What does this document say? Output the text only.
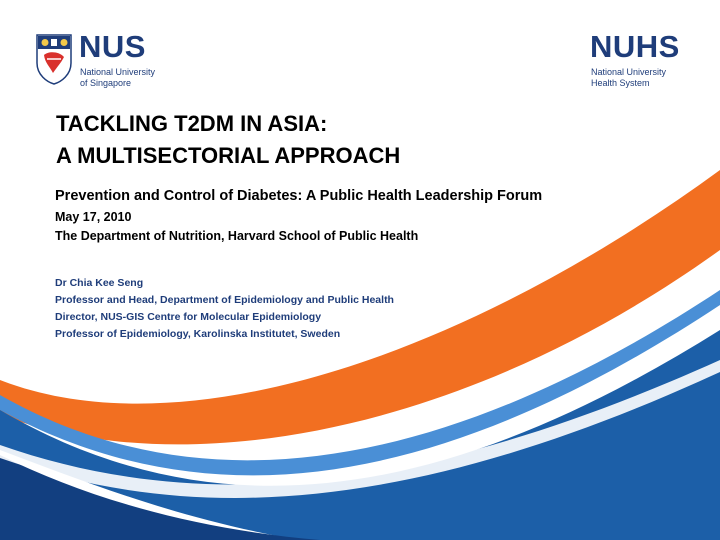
NUS
National University
of Singapore
NUHS
National University
Health System
TACKLING T2DM IN ASIA:
A MULTISECTORIAL APPROACH
Prevention and Control of Diabetes: A Public Health Leadership Forum
May 17, 2010
The Department of Nutrition, Harvard School of Public Health
Dr Chia Kee Seng
Professor and Head, Department of Epidemiology and Public Health
Director, NUS-GIS Centre for Molecular Epidemiology
Professor of Epidemiology, Karolinska Institutet, Sweden
